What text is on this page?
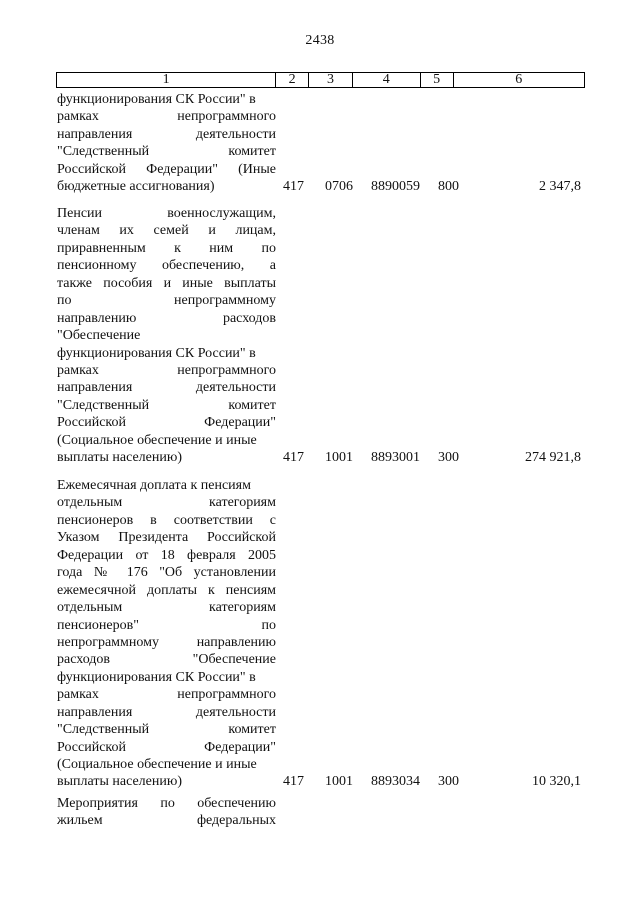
2438
1	2	3	4	5	6
функционирования СК России" в
рамках непрограммного
направления деятельности
"Следственный комитет
Российской Федерации" (Иные
бюджетные ассигнования)	417 0706 8890059 800	2 347,8
Пенсии военнослужащим,
членам их семей и лицам,
приравненным к ним по
пенсионному обеспечению, а
также пособия и иные выплаты
по непрограммному
направлению расходов
"Обеспечение
функционирования СК России" в
рамках непрограммного
направления деятельности
"Следственный комитет
Российской Федерации"
(Социальное обеспечение и иные
выплаты населению)	417 1001 8893001 300	274 921,8
Ежемесячная доплата к пенсиям
отдельным категориям
пенсионеров в соответствии с
Указом Президента Российской
Федерации от 18 февраля 2005
года № 176 "Об установлении
ежемесячной доплаты к пенсиям
отдельным категориям
пенсионеров" по
непрограммному направлению
расходов "Обеспечение
функционирования СК России" в
рамках непрограммного
направления деятельности
"Следственный комитет
Российской Федерации"
(Социальное обеспечение и иные
выплаты населению)	417 1001 8893034 300	10 320,1
Мероприятия по обеспечению
жильем федеральных
